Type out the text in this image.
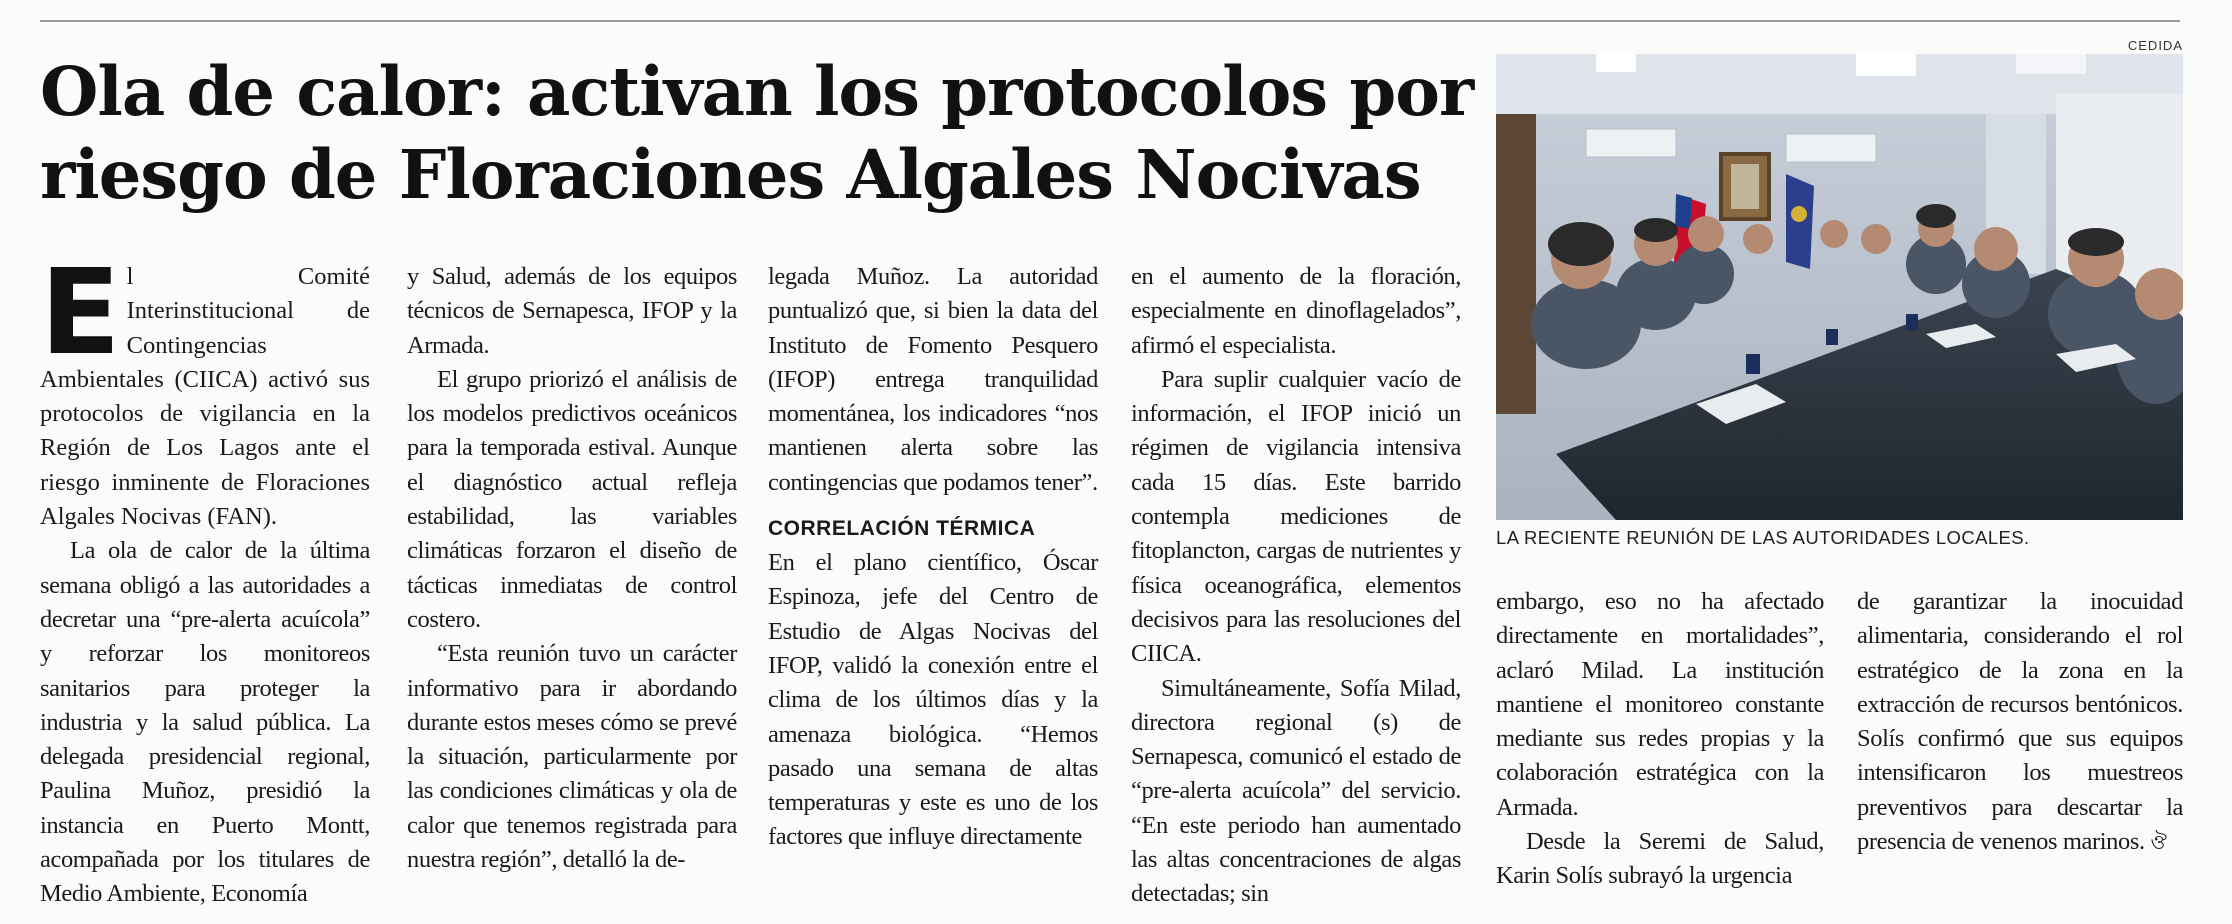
Ola de calor: activan los protocolos por riesgo de Floraciones Algales Nocivas

El Comité Interinstitucional de Contingencias Ambientales (CIICA) activó sus protocolos de vigilancia en la Región de Los Lagos ante el riesgo inminente de Floraciones Algales Nocivas (FAN).

La ola de calor de la última semana obligó a las autoridades a decretar una “pre-alerta acuícola” y reforzar los monitoreos sanitarios para proteger la industria y la salud pública. La delegada presidencial regional, Paulina Muñoz, presidió la instancia en Puerto Montt, acompañada por los titulares de Medio Ambiente, Economía

y Salud, además de los equipos técnicos de Sernapesca, IFOP y la Armada.

El grupo priorizó el análisis de los modelos predictivos oceánicos para la temporada estival. Aunque el diagnóstico actual refleja estabilidad, las variables climáticas forzaron el diseño de tácticas inmediatas de control costero.

“Esta reunión tuvo un carácter informativo para ir abordando durante estos meses cómo se prevé la situación, particularmente por las condiciones climáticas y ola de calor que tenemos registrada para nuestra región”, detalló la de-

legada Muñoz. La autoridad puntualizó que, si bien la data del Instituto de Fomento Pesquero (IFOP) entrega tranquilidad momentánea, los indicadores “nos mantienen alerta sobre las contingencias que podamos tener”.

CORRELACIÓN TÉRMICA

En el plano científico, Óscar Espinoza, jefe del Centro de Estudio de Algas Nocivas del IFOP, validó la conexión entre el clima de los últimos días y la amenaza biológica. “Hemos pasado una semana de altas temperaturas y este es uno de los factores que influye directamente

en el aumento de la floración, especialmente en dinoflagelados”, afirmó el especialista.

Para suplir cualquier vacío de información, el IFOP inició un régimen de vigilancia intensiva cada 15 días. Este barrido contempla mediciones de fitoplancton, cargas de nutrientes y física oceanográfica, elementos decisivos para las resoluciones del CIICA.

Simultáneamente, Sofía Milad, directora regional (s) de Sernapesca, comunicó el estado de “pre-alerta acuícola” del servicio. “En este periodo han aumentado las altas concentraciones de algas detectadas; sin

CEDIDA
LA RECIENTE REUNIÓN DE LAS AUTORIDADES LOCALES.

embargo, eso no ha afectado directamente en mortalidades”, aclaró Milad. La institución mantiene el monitoreo constante mediante sus redes propias y la colaboración estratégica con la Armada.

Desde la Seremi de Salud, Karin Solís subrayó la urgencia

de garantizar la inocuidad alimentaria, considerando el rol estratégico de la zona en la extracción de recursos bentónicos. Solís confirmó que sus equipos intensificaron los muestreos preventivos para descartar la presencia de venenos marinos. ঔ
